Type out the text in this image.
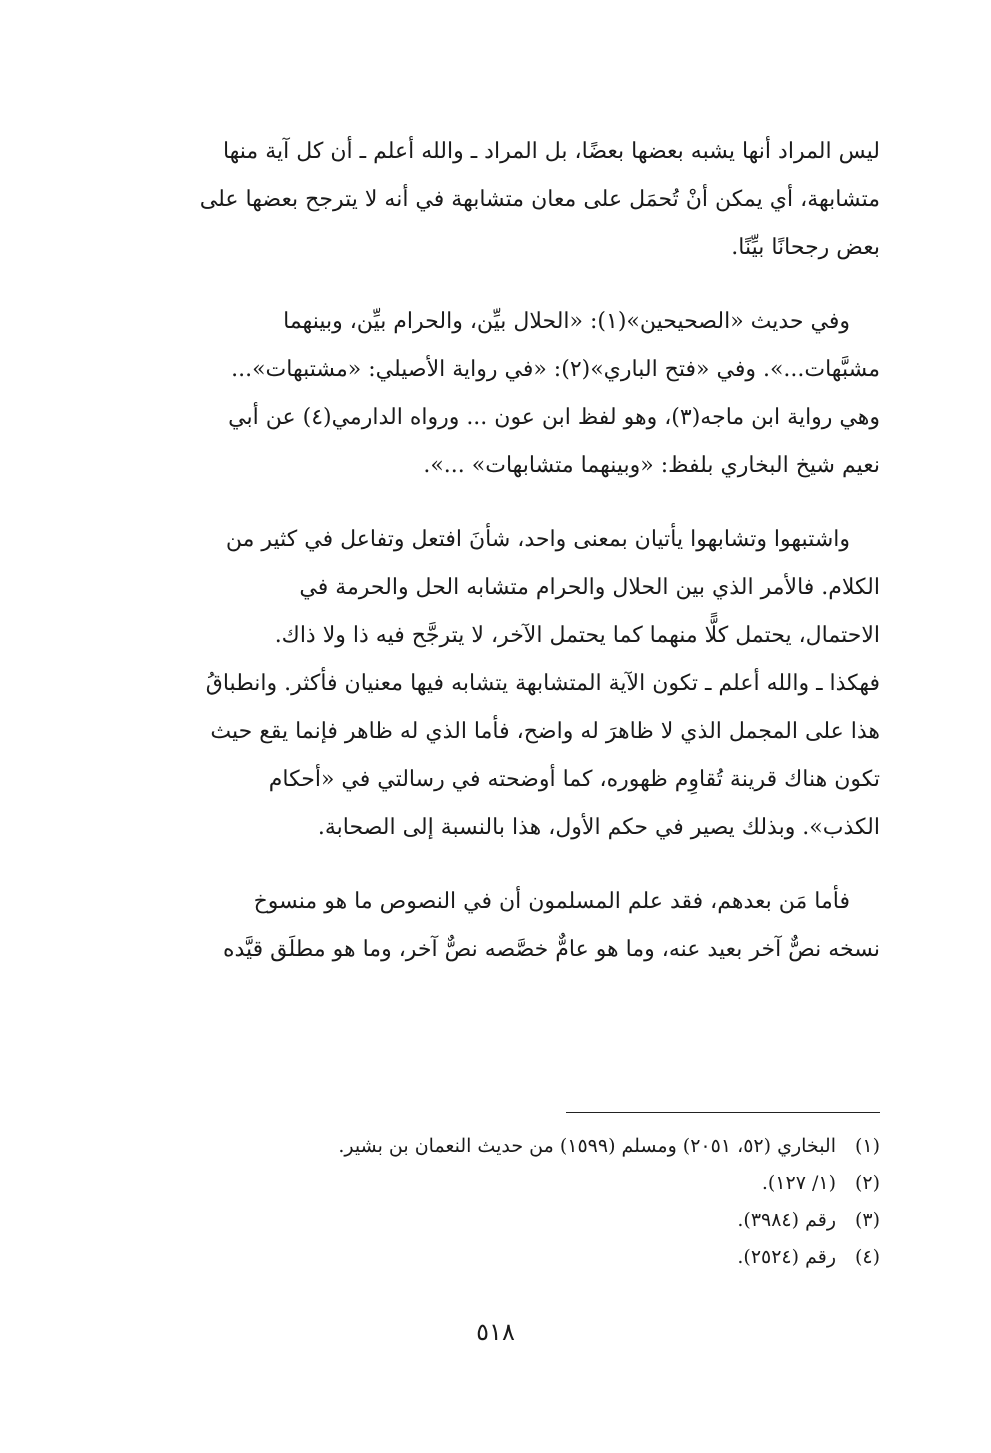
ليس المراد أنها يشبه بعضها بعضًا، بل المراد ـ والله أعلم ـ أن كل آية منها
متشابهة، أي يمكن أنْ تُحمَل على معان متشابهة في أنه لا يترجح بعضها على
بعض رجحانًا بيِّنًا.

وفي حديث «الصحيحين»(١): «الحلال بيِّن، والحرام بيِّن، وبينهما
مشبَّهات...». وفي «فتح الباري»(٢): «في رواية الأصيلي: «مشتبهات»...
وهي رواية ابن ماجه(٣)، وهو لفظ ابن عون ... ورواه الدارمي(٤) عن أبي
نعيم شيخ البخاري بلفظ: «وبينهما متشابهات» ...».

واشتبهوا وتشابهوا يأتيان بمعنى واحد، شأنَ افتعل وتفاعل في كثير من
الكلام. فالأمر الذي بين الحلال والحرام متشابه الحل والحرمة في
الاحتمال، يحتمل كلًّا منهما كما يحتمل الآخر، لا يترجَّح فيه ذا ولا ذاك.
فهكذا ـ والله أعلم ـ تكون الآية المتشابهة يتشابه فيها معنيان فأكثر. وانطباقُ
هذا على المجمل الذي لا ظاهرَ له واضح، فأما الذي له ظاهر فإنما يقع حيث
تكون هناك قرينة تُقاوِم ظهوره، كما أوضحته في رسالتي في «أحكام
الكذب». وبذلك يصير في حكم الأول، هذا بالنسبة إلى الصحابة.

فأما مَن بعدهم، فقد علم المسلمون أن في النصوص ما هو منسوخ
نسخه نصٌّ آخر بعيد عنه، وما هو عامٌّ خصَّصه نصٌّ آخر، وما هو مطلَق قيَّده

(١)البخاري (٥٢، ٢٠٥١) ومسلم (١٥٩٩) من حديث النعمان بن بشير.
(٢)(١/ ١٢٧).
(٣)رقم (٣٩٨٤).
(٤)رقم (٢٥٢٤).
٥١٨
